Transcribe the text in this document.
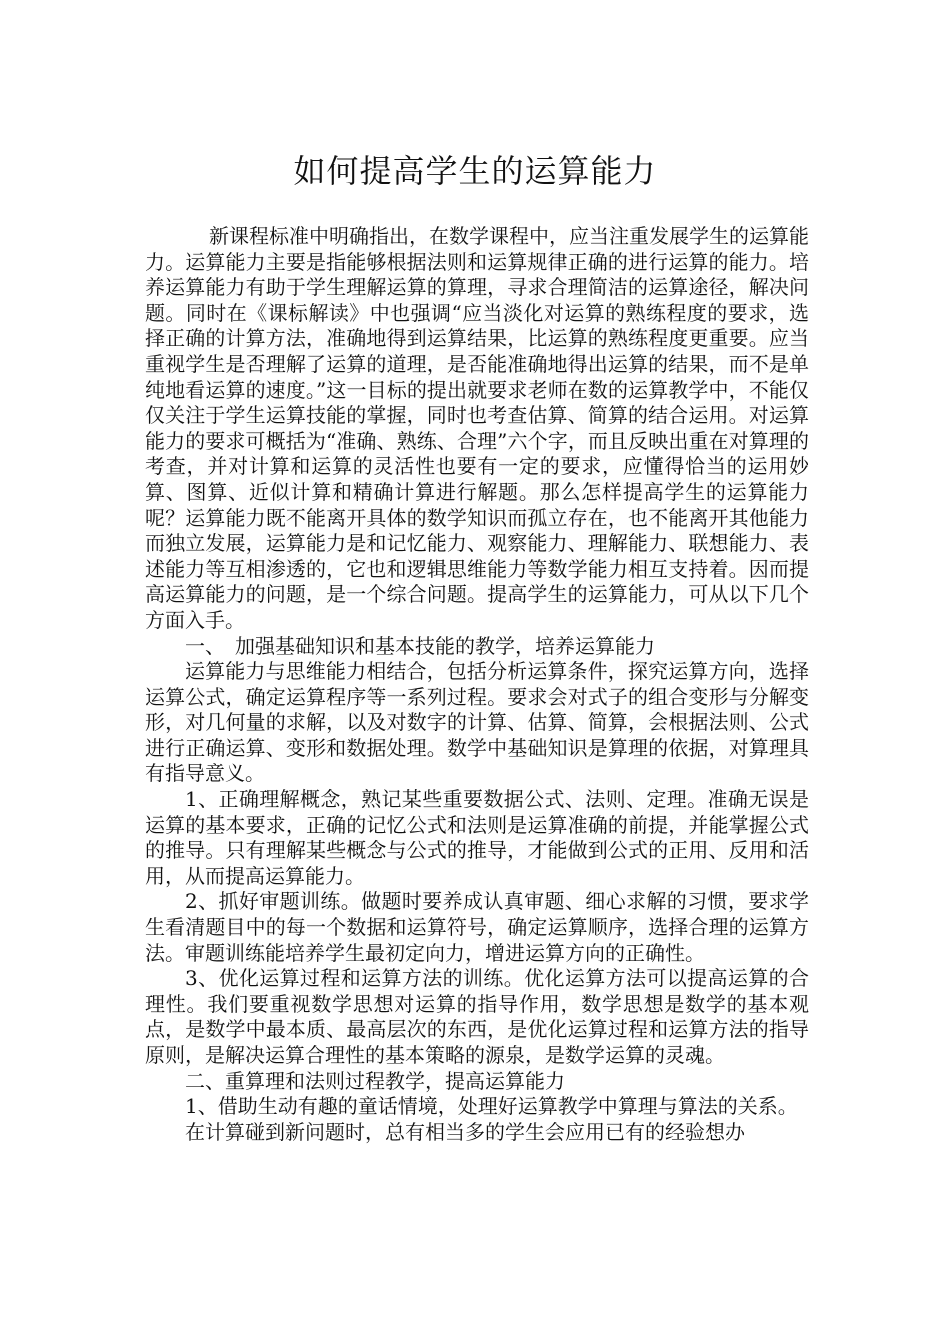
如何提高学生的运算能力

新课程标准中明确指出，在数学课程中，应当注重发展学生的运算能力。运算能力主要是指能够根据法则和运算规律正确的进行运算的能力。培养运算能力有助于学生理解运算的算理，寻求合理简洁的运算途径，解决问题。同时在《课标解读》中也强调“应当淡化对运算的熟练程度的要求，选择正确的计算方法，准确地得到运算结果，比运算的熟练程度更重要。应当重视学生是否理解了运算的道理，是否能准确地得出运算的结果，而不是单纯地看运算的速度。”这一目标的提出就要求老师在数的运算教学中，不能仅仅关注于学生运算技能的掌握，同时也考查估算、简算的结合运用。对运算能力的要求可概括为“准确、熟练、合理”六个字，而且反映出重在对算理的考查，并对计算和运算的灵活性也要有一定的要求，应懂得恰当的运用妙算、图算、近似计算和精确计算进行解题。那么怎样提高学生的运算能力呢？运算能力既不能离开具体的数学知识而孤立存在，也不能离开其他能力而独立发展，运算能力是和记忆能力、观察能力、理解能力、联想能力、表述能力等互相渗透的，它也和逻辑思维能力等数学能力相互支持着。因而提高运算能力的问题，是一个综合问题。提高学生的运算能力，可从以下几个方面入手。

一、　加强基础知识和基本技能的教学，培养运算能力

运算能力与思维能力相结合，包括分析运算条件，探究运算方向，选择运算公式，确定运算程序等一系列过程。要求会对式子的组合变形与分解变形，对几何量的求解，以及对数字的计算、估算、简算，会根据法则、公式进行正确运算、变形和数据处理。数学中基础知识是算理的依据，对算理具有指导意义。

1、正确理解概念，熟记某些重要数据公式、法则、定理。准确无误是运算的基本要求，正确的记忆公式和法则是运算准确的前提，并能掌握公式的推导。只有理解某些概念与公式的推导，才能做到公式的正用、反用和活用，从而提高运算能力。

2、抓好审题训练。做题时要养成认真审题、细心求解的习惯，要求学生看清题目中的每一个数据和运算符号，确定运算顺序，选择合理的运算方法。审题训练能培养学生最初定向力，增进运算方向的正确性。

3、优化运算过程和运算方法的训练。优化运算方法可以提高运算的合理性。我们要重视数学思想对运算的指导作用，数学思想是数学的基本观点，是数学中最本质、最高层次的东西，是优化运算过程和运算方法的指导原则，是解决运算合理性的基本策略的源泉，是数学运算的灵魂。

二、重算理和法则过程教学，提高运算能力

1、借助生动有趣的童话情境，处理好运算教学中算理与算法的关系。

在计算碰到新问题时，总有相当多的学生会应用已有的经验想办
